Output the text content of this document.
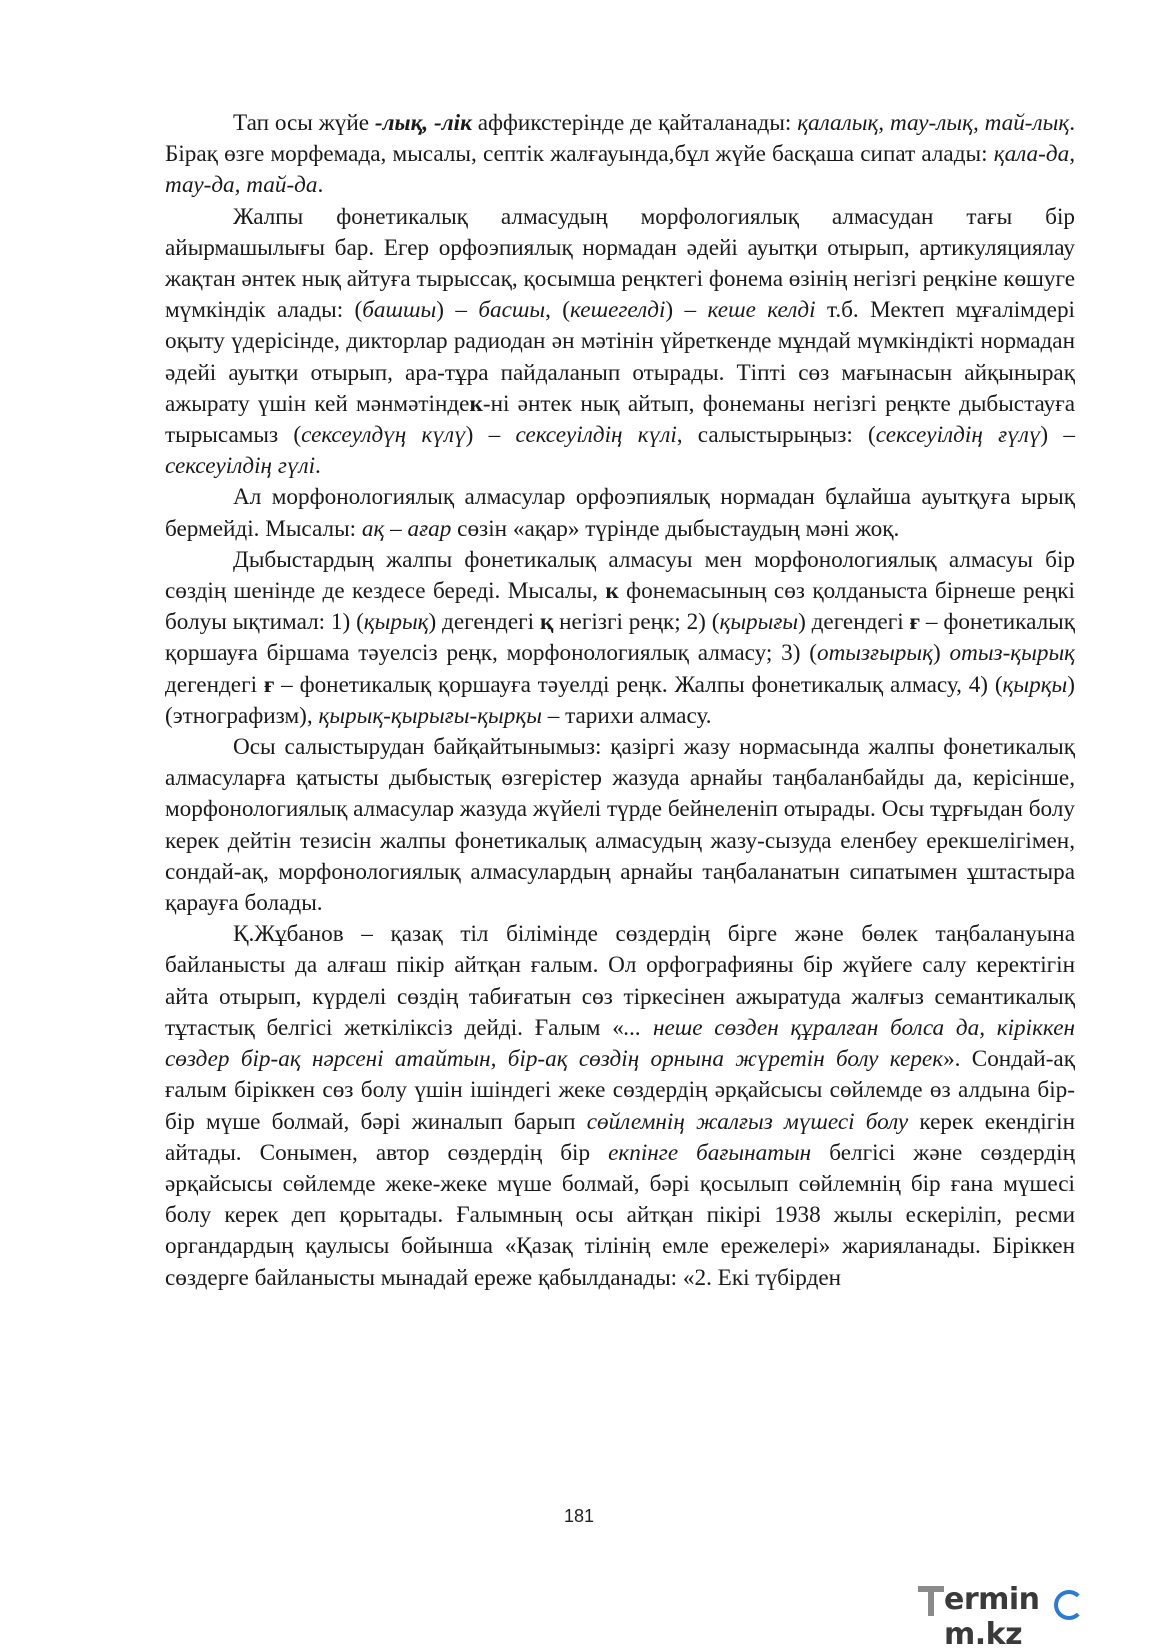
Тап осы жүйе -лық, -лік аффикстерінде де қайталанады: қалалық, тау-лық, тай-лық. Бірақ өзге морфемада, мысалы, септік жалғауында,бұл жүйе басқаша сипат алады: қала-да, тау-да, тай-да.

Жалпы фонетикалық алмасудың морфологиялық алмасудан тағы бір айырмашылығы бар. Егер орфоэпиялық нормадан әдейі ауытқи отырып, артикуляциялау жақтан әнтек нық айтуға тырыссақ, қосымша реңктегі фонема өзінің негізгі реңкіне көшуге мүмкіндік алады: (башшы) – басшы, (кешегелді) – кеше келді т.б. Мектеп мұғалімдері оқыту үдерісінде, дикторлар радиодан ән мәтінін үйреткенде мұндай мүмкіндікті нормадан әдейі ауытқи отырып, ара-тұра пайдаланып отырады. Тіпті сөз мағынасын айқынырақ ажырату үшін кей мәнмәтіндек-ні әнтек нық айтып, фонеманы негізгі реңкте дыбыстауға тырысамыз (сексеулдүң күлү) – сексеуілдің күлі, салыстырыңыз: (сексеуілдің ғүлү) – сексеуілдің гүлі.

Ал морфонологиялық алмасулар орфоэпиялық нормадан бұлайша ауытқуға ырық бермейді. Мысалы: ақ – ағар сөзін «ақар» түрінде дыбыстаудың мәні жоқ.

Дыбыстардың жалпы фонетикалық алмасуы мен морфонологиялық алмасуы бір сөздің шенінде де кездесе береді. Мысалы, к фонемасының сөз қолданыста бірнеше реңкі болуы ықтимал: 1) (қырық) дегендегі қ негізгі реңк; 2) (қырығы) дегендегі ғ – фонетикалық қоршауға біршама тәуелсіз реңк, морфонологиялық алмасу; 3) (отызғырық) отыз-қырық дегендегі ғ – фонетикалық қоршауға тәуелді реңк. Жалпы фонетикалық алмасу, 4) (қырқы) (этнографизм), қырық-қырығы-қырқы – тарихи алмасу.

Осы салыстырудан байқайтынымыз: қазіргі жазу нормасында жалпы фонетикалық алмасуларға қатысты дыбыстық өзгерістер жазуда арнайы таңбаланбайды да, керісінше, морфонологиялық алмасулар жазуда жүйелі түрде бейнеленіп отырады. Осы тұрғыдан болу керек дейтін тезисін жалпы фонетикалық алмасудың жазу-сызуда еленбеу ерекшелігімен, сондай-ақ, морфонологиялық алмасулардың арнайы таңбаланатын сипатымен ұштастыра қарауға болады.

Қ.Жұбанов – қазақ тіл білімінде сөздердің бірге және бөлек таңбалануына байланысты да алғаш пікір айтқан ғалым. Ол орфографияны бір жүйеге салу керектігін айта отырып, күрделі сөздің табиғатын сөз тіркесінен ажыратуда жалғыз семантикалық тұтастық белгісі жеткіліксіз дейді. Ғалым «... неше сөзден құралған болса да, кіріккен сөздер бір-ақ нәрсені атайтын, бір-ақ сөздің орнына жүретін болу керек». Сондай-ақ ғалым біріккен сөз болу үшін ішіндегі жеке сөздердің әрқайсысы сөйлемде өз алдына бір-бір мүше болмай, бәрі жиналып барып сөйлемнің жалғыз мүшесі болу керек екендігін айтады. Сонымен, автор сөздердің бір екпінге бағынатын белгісі және сөздердің әрқайсысы сөйлемде жеке-жеке мүше болмай, бәрі қосылып сөйлемнің бір ғана мүшесі болу керек деп қорытады. Ғалымның осы айтқан пікірі 1938 жылы ескеріліп, ресми органдардың қаулысы бойынша «Қазақ тілінің емле ережелері» жарияланады. Біріккен сөздерге байланысты мынадай ереже қабылданады: «2. Екі түбірден

181
erminm.kz
